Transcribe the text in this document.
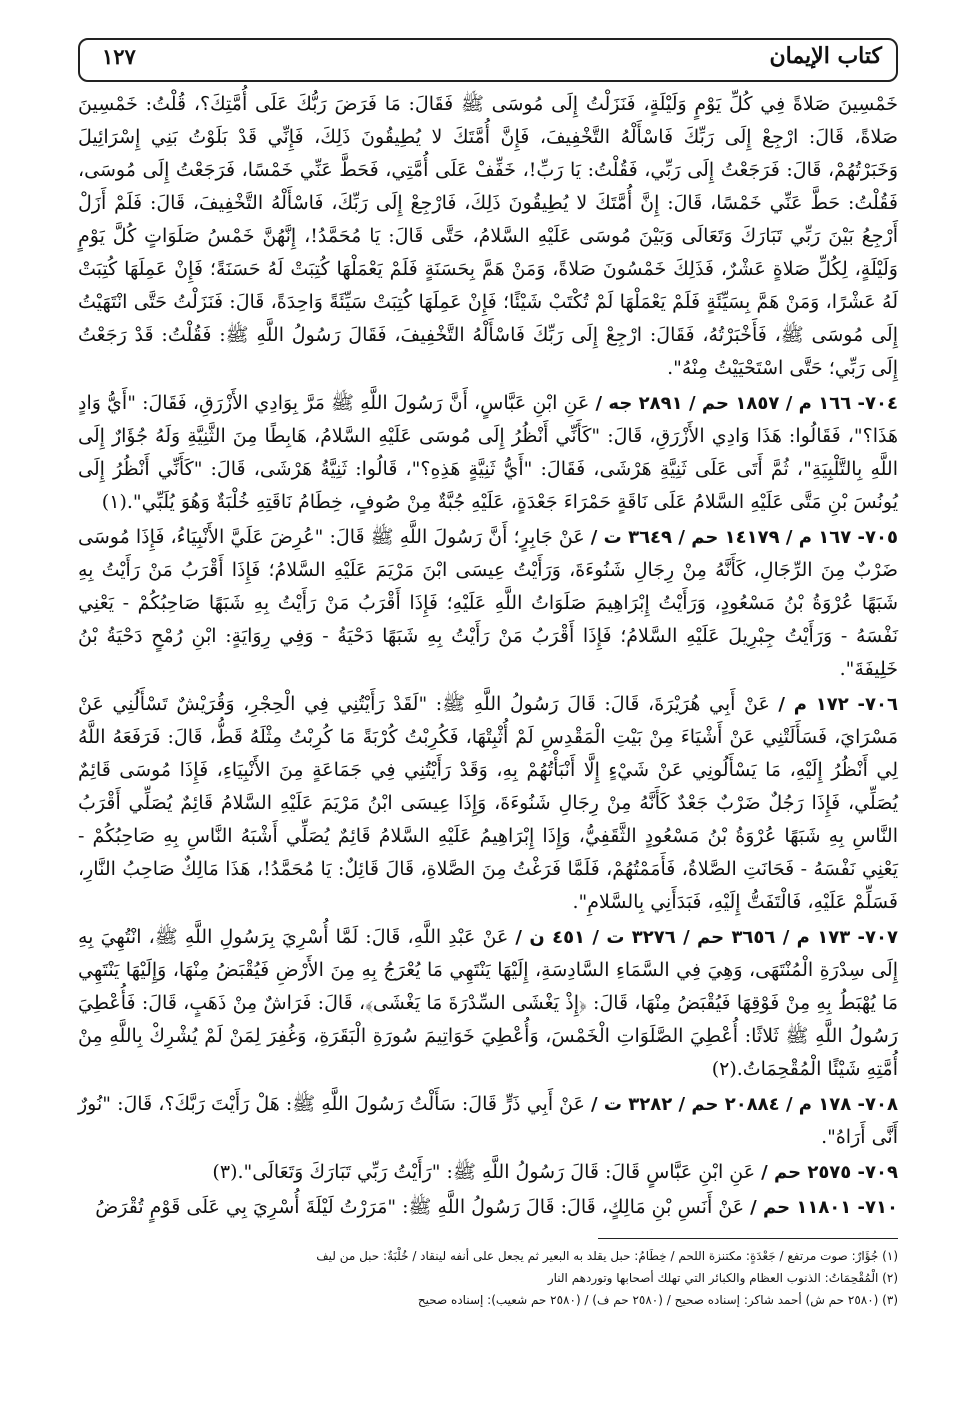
كتاب الإيمان
١٢٧

خَمْسِينَ صَلاةً فِي كُلِّ يَوْمٍ وَلَيْلَةٍ، فَنَزَلْتُ إِلَى مُوسَى ﷺ فَقَالَ: مَا فَرَضَ رَبُّكَ عَلَى أُمَّتِكَ؟، قُلْتُ: خَمْسِينَ صَلاةً، قَالَ: ارْجِعْ إِلَى رَبِّكَ فَاسْأَلْهُ التَّخْفِيفَ، فَإِنَّ أُمَّتَكَ لا يُطِيقُونَ ذَلِكَ، فَإِنِّي قَدْ بَلَوْتُ بَنِي إِسْرَائِيلَ وَخَبَرْتُهُمْ، قَالَ: فَرَجَعْتُ إِلَى رَبِّي، فَقُلْتُ: يَا رَبِّ!، خَفِّفْ عَلَى أُمَّتِي، فَحَطَّ عَنِّي خَمْسًا، فَرَجَعْتُ إِلَى مُوسَى، فَقُلْتُ: حَطَّ عَنِّي خَمْسًا، قَالَ: إِنَّ أُمَّتَكَ لا يُطِيقُونَ ذَلِكَ، فَارْجِعْ إِلَى رَبِّكَ، فَاسْأَلْهُ التَّخْفِيفَ، قَالَ: فَلَمْ أَزَلْ أَرْجِعُ بَيْنَ رَبِّي تَبَارَكَ وَتَعَالَى وَبَيْنَ مُوسَى عَلَيْهِ السَّلامُ، حَتَّى قَالَ: يَا مُحَمَّدُ!، إِنَّهُنَّ خَمْسُ صَلَوَاتٍ كُلَّ يَوْمٍ وَلَيْلَةٍ، لِكُلِّ صَلاةٍ عَشْرٌ، فَذَلِكَ خَمْسُونَ صَلاةً، وَمَنْ هَمَّ بِحَسَنَةٍ فَلَمْ يَعْمَلْهَا كُتِبَتْ لَهُ حَسَنَةً؛ فَإِنْ عَمِلَهَا كُتِبَتْ لَهُ عَشْرًا، وَمَنْ هَمَّ بِسَيِّئَةٍ فَلَمْ يَعْمَلْهَا لَمْ تُكْتَبْ شَيْئًا؛ فَإِنْ عَمِلَهَا كُتِبَتْ سَيِّئَةً وَاحِدَةً، قَالَ: فَنَزَلْتُ حَتَّى انْتَهَيْتُ إِلَى مُوسَى ﷺ، فَأَخْبَرْتُهُ، فَقَالَ: ارْجِعْ إِلَى رَبِّكَ فَاسْأَلْهُ التَّخْفِيفَ، فَقَالَ رَسُولُ اللَّهِ ﷺ: فَقُلْتُ: قَدْ رَجَعْتُ إِلَى رَبِّي؛ حَتَّى اسْتَحْيَيْتُ مِنْهُ".

٧٠٤- ١٦٦ م / ١٨٥٧ حم / ٢٨٩١ جه / عَنِ ابْنِ عَبَّاسٍ، أَنَّ رَسُولَ اللَّهِ ﷺ مَرَّ بِوَادِي الأَزْرَقِ، فَقَالَ: "أَيُّ وَادٍ هَذَا؟"، فَقَالُوا: هَذَا وَادِي الأَزْرَقِ، قَالَ: "كَأَنِّي أَنْظُرُ إِلَى مُوسَى عَلَيْهِ السَّلامُ، هَابِطًا مِنَ الثَّنِيَّةِ وَلَهُ جُؤَارٌ إِلَى اللَّهِ بِالتَّلْبِيَةِ"، ثُمَّ أَتَى عَلَى ثَنِيَّةِ هَرْشَى، فَقَالَ: "أَيُّ ثَنِيَّةٍ هَذِهِ؟"، قَالُوا: ثَنِيَّةُ هَرْشَى، قَالَ: "كَأَنِّي أَنْظُرُ إِلَى يُونُسَ بْنِ مَتَّى عَلَيْهِ السَّلامُ عَلَى نَاقَةٍ حَمْرَاءَ جَعْدَةٍ، عَلَيْهِ جُبَّةٌ مِنْ صُوفٍ، خِطَامُ نَاقَتِهِ خُلْبَةٌ وَهُوَ يُلَبِّي".(١)

٧٠٥- ١٦٧ م / ١٤١٧٩ حم / ٣٦٤٩ ت / عَنْ جَابِرٍ؛ أَنَّ رَسُولَ اللَّهِ ﷺ قَالَ: "عُرِضَ عَلَيَّ الأَنْبِيَاءُ، فَإِذَا مُوسَى ضَرْبٌ مِنَ الرِّجَالِ، كَأَنَّهُ مِنْ رِجَالِ شَنُوءَةَ، وَرَأَيْتُ عِيسَى ابْنَ مَرْيَمَ عَلَيْهِ السَّلامُ؛ فَإِذَا أَقْرَبُ مَنْ رَأَيْتُ بِهِ شَبَهًا عُرْوَةُ بْنُ مَسْعُودٍ، وَرَأَيْتُ إِبْرَاهِيمَ صَلَوَاتُ اللَّهِ عَلَيْهِ؛ فَإِذَا أَقْرَبُ مَنْ رَأَيْتُ بِهِ شَبَهًا صَاحِبُكُمْ - يَعْنِي نَفْسَهُ - وَرَأَيْتُ جِبْرِيلَ عَلَيْهِ السَّلامُ؛ فَإِذَا أَقْرَبُ مَنْ رَأَيْتُ بِهِ شَبَهًا دَحْيَةُ - وَفِي رِوَايَةٍ: ابْنِ رُمْحٍ دَحْيَةُ بْنُ خَلِيفَةَ".

٧٠٦- ١٧٢ م / عَنْ أَبِي هُرَيْرَةَ، قَالَ: قَالَ رَسُولُ اللَّهِ ﷺ: "لَقَدْ رَأَيْتُنِي فِي الْحِجْرِ، وَقُرَيْشٌ تَسْأَلُنِي عَنْ مَسْرَايَ، فَسَأَلَتْنِي عَنْ أَشْيَاءَ مِنْ بَيْتِ الْمَقْدِسِ لَمْ أُثْبِتْهَا، فَكُرِبْتُ كُرْبَةً مَا كُرِبْتُ مِثْلَهُ قَطُّ، قَالَ: فَرَفَعَهُ اللَّهُ لِي أَنْظُرُ إِلَيْهِ، مَا يَسْأَلُونِي عَنْ شَيْءٍ إِلَّا أَنْبَأْتُهُمْ بِهِ، وَقَدْ رَأَيْتُنِي فِي جَمَاعَةٍ مِنَ الأَنْبِيَاءِ، فَإِذَا مُوسَى قَائِمٌ يُصَلِّي، فَإِذَا رَجُلٌ ضَرْبٌ جَعْدٌ كَأَنَّهُ مِنْ رِجَالِ شَنُوءَةَ، وَإِذَا عِيسَى ابْنُ مَرْيَمَ عَلَيْهِ السَّلامُ قَائِمٌ يُصَلِّي أَقْرَبُ النَّاسِ بِهِ شَبَهًا عُرْوَةُ بْنُ مَسْعُودٍ الثَّقَفِيُّ، وَإِذَا إِبْرَاهِيمُ عَلَيْهِ السَّلامُ قَائِمٌ يُصَلِّي أَشْبَهُ النَّاسِ بِهِ صَاحِبُكُمْ - يَعْنِي نَفْسَهُ - فَحَانَتِ الصَّلاةُ، فَأَمَمْتُهُمْ، فَلَمَّا فَرَغْتُ مِنَ الصَّلاةِ، قَالَ قَائِلٌ: يَا مُحَمَّدُ!، هَذَا مَالِكٌ صَاحِبُ النَّارِ، فَسَلِّمْ عَلَيْهِ، فَالْتَفَتُّ إِلَيْهِ، فَبَدَأَنِي بِالسَّلامِ".

٧٠٧- ١٧٣ م / ٣٦٥٦ حم / ٣٢٧٦ ت / ٤٥١ ن / عَنْ عَبْدِ اللَّهِ، قَالَ: لَمَّا أُسْرِيَ بِرَسُولِ اللَّهِ ﷺ، انْتُهِيَ بِهِ إِلَى سِدْرَةِ الْمُنْتَهَى، وَهِيَ فِي السَّمَاءِ السَّادِسَةِ، إِلَيْهَا يَنْتَهِي مَا يُعْرَجُ بِهِ مِنَ الأَرْضِ فَيُقْبَضُ مِنْهَا، وَإِلَيْهَا يَنْتَهِي مَا يُهْبَطُ بِهِ مِنْ فَوْقِهَا فَيُقْبَضُ مِنْهَا، قَالَ: ﴿إِذْ يَغْشَى السِّدْرَةَ مَا يَغْشَى﴾، قَالَ: فَرَاشٌ مِنْ ذَهَبٍ، قَالَ: فَأُعْطِيَ رَسُولُ اللَّهِ ﷺ ثَلاثًا: أُعْطِيَ الصَّلَوَاتِ الْخَمْسَ، وَأُعْطِيَ خَوَاتِيمَ سُورَةِ الْبَقَرَةِ، وَغُفِرَ لِمَنْ لَمْ يُشْرِكْ بِاللَّهِ مِنْ أُمَّتِهِ شَيْئًا الْمُقْحِمَاتُ.(٢)

٧٠٨- ١٧٨ م / ٢٠٨٨٤ حم / ٣٢٨٢ ت / عَنْ أَبِي ذَرٍّ قَالَ: سَأَلْتُ رَسُولَ اللَّهِ ﷺ: هَلْ رَأَيْتَ رَبَّكَ؟، قَالَ: "نُورٌ أَنَّى أَرَاهُ".

٧٠٩- ٢٥٧٥ حم / عَنِ ابْنِ عَبَّاسٍ قَالَ: قَالَ رَسُولُ اللَّهِ ﷺ: "رَأَيْتُ رَبِّي تَبَارَكَ وَتَعَالَى".(٣)

٧١٠- ١١٨٠١ حم / عَنْ أَنَسِ بْنِ مَالِكٍ، قَالَ: قَالَ رَسُولُ اللَّهِ ﷺ: "مَرَرْتُ لَيْلَةَ أُسْرِيَ بِي عَلَى قَوْمٍ تُقْرَضُ

(١) جُؤَارٌ: صوت مرتفع / جَعْدَةٍ: مكتنزة اللحم / خِطَامُ: حبل يقلد به البعير ثم يجعل على أنفه لينقاد / خُلْبَةٌ: حبل من ليف
(٢) الْمُقْحِمَاتُ: الذنوب العظام والكبائر التي تهلك أصحابها وتوردهم النار
(٣) (٢٥٨٠ حم ش) أحمد شاكر: إسناده صحيح / (٢٥٨٠ حم ف) / (٢٥٨٠ حم شعيب): إسناده صحيح
